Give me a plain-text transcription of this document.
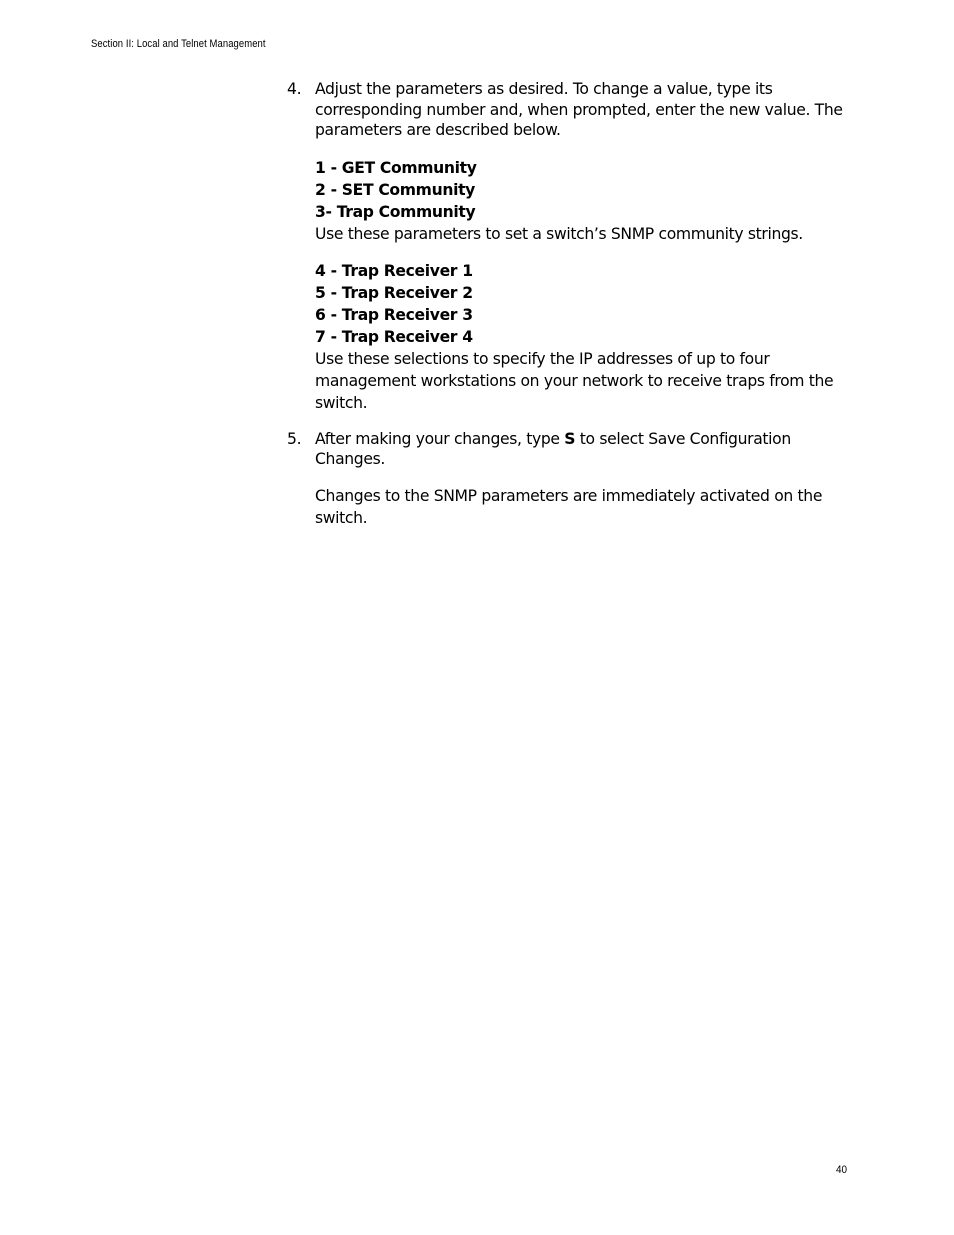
Section II: Local and Telnet Management
4. Adjust the parameters as desired. To change a value, type its corresponding number and, when prompted, enter the new value. The parameters are described below.
1 - GET Community
2 - SET Community
3- Trap Community
Use these parameters to set a switch’s SNMP community strings.
4 - Trap Receiver 1
5 - Trap Receiver 2
6 - Trap Receiver 3
7 - Trap Receiver 4
Use these selections to specify the IP addresses of up to four management workstations on your network to receive traps from the switch.
5. After making your changes, type S to select Save Configuration Changes.
Changes to the SNMP parameters are immediately activated on the switch.
40
